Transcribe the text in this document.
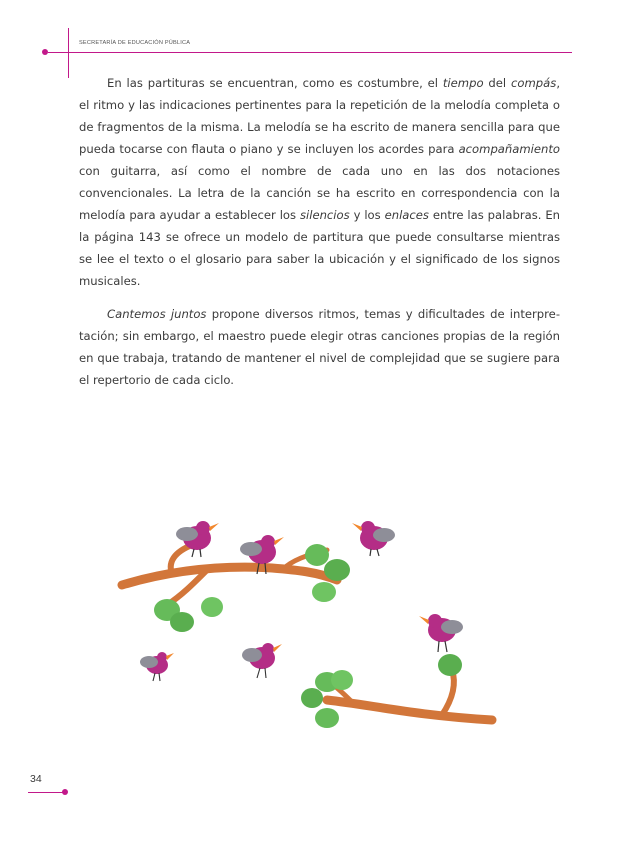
SECRETARÍA DE EDUCACIÓN PÚBLICA

En las partituras se encuentran, como es costumbre, el tiempo del compás, el ritmo y las indicaciones pertinentes para la repetición de la melodía completa o de fragmentos de la misma. La melodía se ha escrito de manera sencilla para que pueda tocarse con flauta o piano y se incluyen los acordes para acompañamiento con guitarra, así como el nombre de cada uno en las dos notaciones convencionales. La letra de la canción se ha escrito en correspondencia con la melodía para ayudar a establecer los silencios y los enlaces entre las palabras. En la página 143 se ofrece un modelo de partitura que puede consultarse mientras se lee el texto o el glosario para saber la ubicación y el significado de los signos musicales.

Cantemos juntos propone diversos ritmos, temas y dificultades de interpretación; sin embargo, el maestro puede elegir otras canciones propias de la región en que trabaja, tratando de mantener el nivel de complejidad que se sugiere para el repertorio de cada ciclo.

34
